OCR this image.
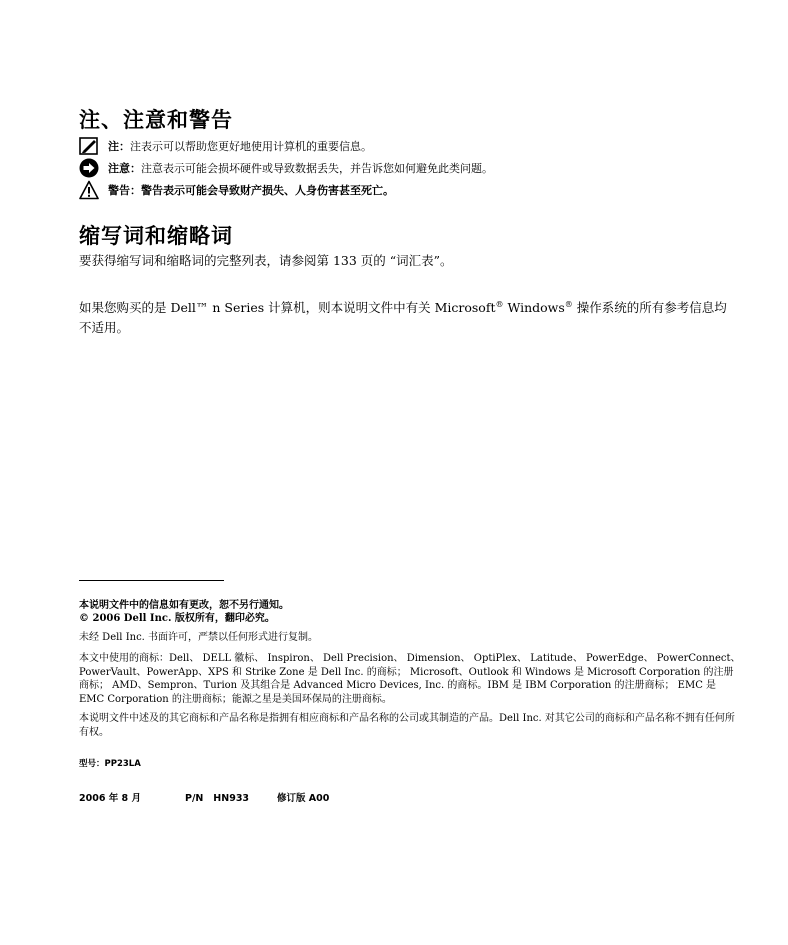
注、注意和警告
注：注表示可以帮助您更好地使用计算机的重要信息。
注意：注意表示可能会损坏硬件或导致数据丢失，并告诉您如何避免此类问题。
警告：警告表示可能会导致财产损失、人身伤害甚至死亡。
缩写词和缩略词
要获得缩写词和缩略词的完整列表，请参阅第 133 页的 “词汇表”。
如果您购买的是 Dell™ n Series 计算机，则本说明文件中有关 Microsoft® Windows® 操作系统的所有参考信息均不适用。
本说明文件中的信息如有更改，恕不另行通知。
© 2006 Dell Inc. 版权所有，翻印必究。
未经 Dell Inc. 书面许可，严禁以任何形式进行复制。
本文中使用的商标：Dell、 DELL 徽标、 Inspiron、 Dell Precision、 Dimension、 OptiPlex、 Latitude、 PowerEdge、 PowerConnect、PowerVault、PowerApp、XPS 和 Strike Zone 是 Dell Inc. 的商标； Microsoft、Outlook 和 Windows 是 Microsoft Corporation 的注册商标； AMD、Sempron、Turion 及其组合是 Advanced Micro Devices, Inc. 的商标。IBM 是 IBM Corporation 的注册商标； EMC 是 EMC Corporation 的注册商标；能源之星是美国环保局的注册商标。
本说明文件中述及的其它商标和产品名称是指拥有相应商标和产品名称的公司或其制造的产品。Dell Inc. 对其它公司的商标和产品名称不拥有任何所有权。
型号：PP23LA
2006 年 8 月	P/N   HN933	修订版 A00
